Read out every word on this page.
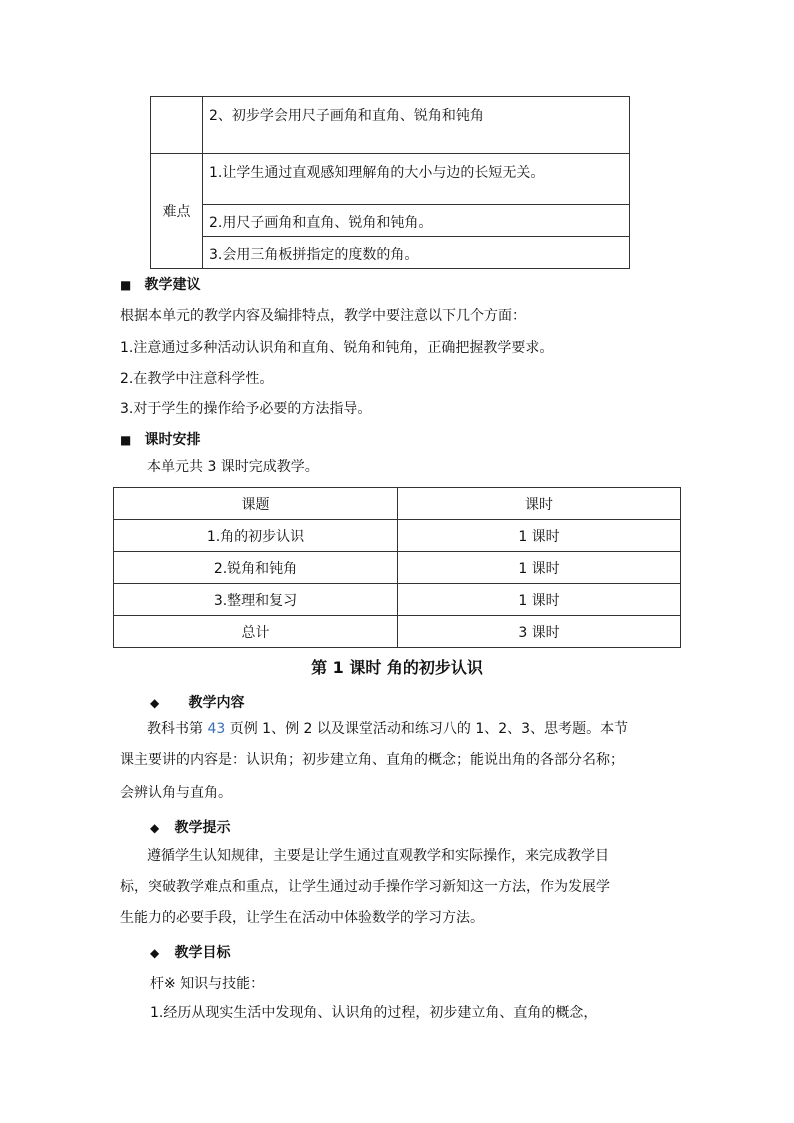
	2、初步学会用尺子画角和直角、锐角和钝角

难点	1.让学生通过直观感知理解角的大小与边的长短无关。

	2.用尺子画角和直角、锐角和钝角。

	3.会用三角板拼指定的度数的角。
■ 教学建议
根据本单元的教学内容及编排特点，教学中要注意以下几个方面：
1.注意通过多种活动认识角和直角、锐角和钝角，正确把握教学要求。
2.在教学中注意科学性。
3.对于学生的操作给予必要的方法指导。
■ 课时安排
本单元共 3 课时完成教学。
课题	课时
1.角的初步认识	1 课时
2.锐角和钝角	1 课时
3.整理和复习	1 课时
总计	3 课时
第 1 课时 角的初步认识
◆ 教学内容
教科书第 43 页例 1、例 2 以及课堂活动和练习八的 1、2、3、思考题。本节
课主要讲的内容是：认识角；初步建立角、直角的概念；能说出角的各部分名称；
会辨认角与直角。
◆ 教学提示
遵循学生认知规律，主要是让学生通过直观教学和实际操作，来完成教学目
标，突破教学难点和重点，让学生通过动手操作学习新知这一方法，作为发展学
生能力的必要手段，让学生在活动中体验数学的学习方法。
◆ 教学目标
杆※ 知识与技能：
1.经历从现实生活中发现角、认识角的过程，初步建立角、直角的概念，
